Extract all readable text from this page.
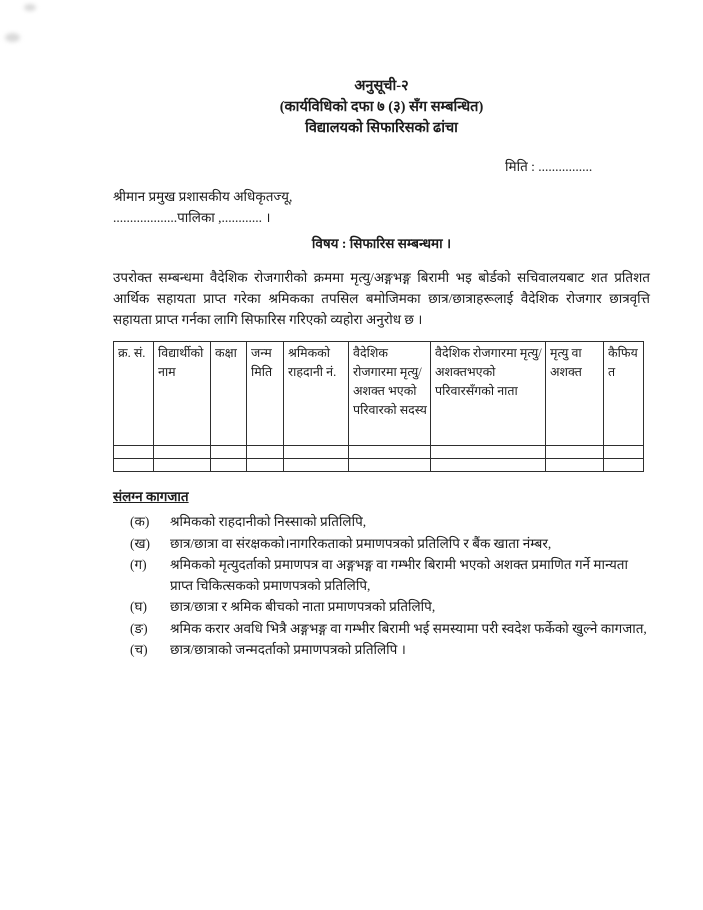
अनुसूची-२
(कार्यविधिको दफा ७ (३) सँग सम्बन्धित)
विद्यालयको सिफारिसको ढांचा
मिति : ................
श्रीमान प्रमुख प्रशासकीय अधिकृतज्यू,
...................पालिका ,............ ।
विषय : सिफारिस सम्बन्धमा ।
उपरोक्त सम्बन्धमा वैदेशिक रोजगारीको क्रममा मृत्यु/अङ्गभङ्ग बिरामी भइ बोर्डको सचिवालयबाट शत प्रतिशत आर्थिक सहायता प्राप्त गरेका श्रमिकका तपसिल बमोजिमका छात्र/छात्राहरूलाई वैदेशिक रोजगार छात्रवृत्ति सहायता प्राप्त गर्नका लागि सिफारिस गरिएको व्यहोरा अनुरोध छ ।
क्र. सं.	विद्यार्थीको नाम	कक्षा	जन्म मिति	श्रमिकको राहदानी नं.	वैदेशिक रोजगारमा मृत्यु/अशक्त भएको परिवारको सदस्य	वैदेशिक रोजगारमा मृत्यु/अशक्तभएको परिवारसँगको नाता	मृत्यु वा अशक्त	कैफियत

संलग्न कागजात
(क) श्रमिकको राहदानीको निस्साको प्रतिलिपि,
(ख) छात्र/छात्रा वा संरक्षकको।नागरिकताको प्रमाणपत्रको प्रतिलिपि र बैंक खाता नंम्बर,
(ग) श्रमिकको मृत्युदर्ताको प्रमाणपत्र वा अङ्गभङ्ग वा गम्भीर बिरामी भएको अशक्त प्रमाणित गर्ने मान्यता प्राप्त चिकित्सकको प्रमाणपत्रको प्रतिलिपि,
(घ) छात्र/छात्रा र श्रमिक बीचको नाता प्रमाणपत्रको प्रतिलिपि,
(ङ) श्रमिक करार अवधि भित्रै अङ्गभङ्ग वा गम्भीर बिरामी भई समस्यामा परी स्वदेश फर्केको खुल्ने कागजात,
(च) छात्र/छात्राको जन्मदर्ताको प्रमाणपत्रको प्रतिलिपि ।
